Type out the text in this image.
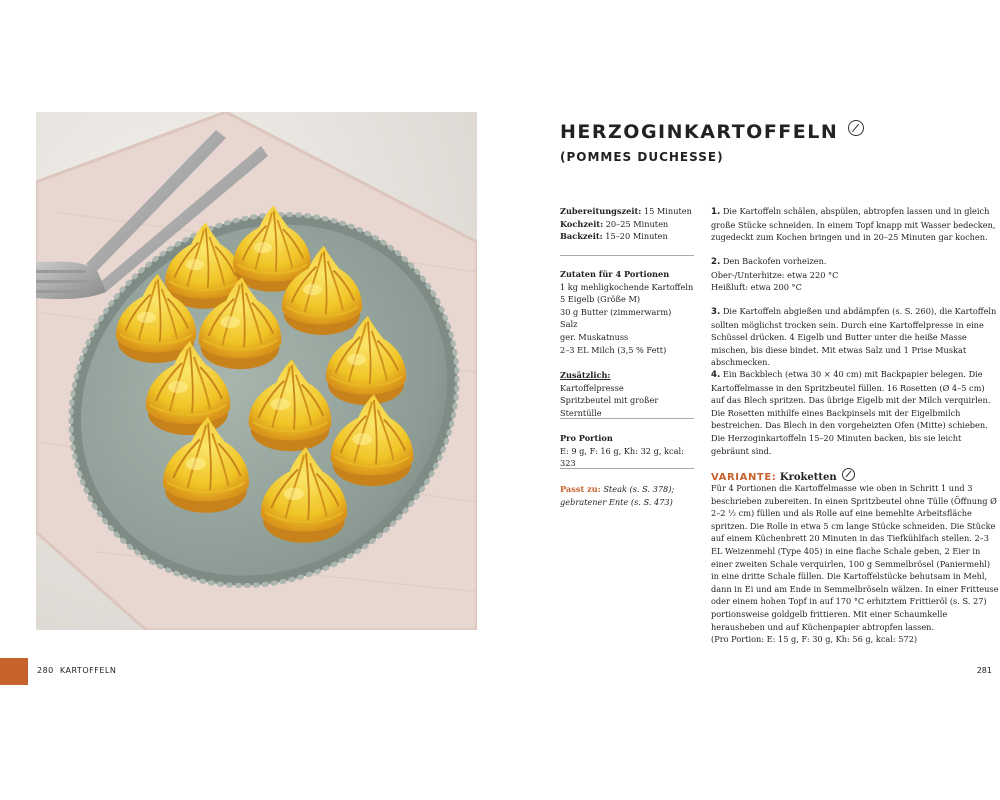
HERZOGINKARTOFFELN
(POMMES DUCHESSE)
Zubereitungszeit: 15 Minuten
Kochzeit: 20–25 Minuten
Backzeit: 15–20 Minuten
Zutaten für 4 Portionen
1 kg mehligkochende Kartoffeln
5 Eigelb (Größe M)
30 g Butter (zimmerwarm)
Salz
ger. Muskatnuss
2–3 EL Milch (3,5 % Fett)
Zusätzlich:
Kartoffelpresse
Spritzbeutel mit großer Sterntülle
Pro Portion
E: 9 g, F: 16 g, Kh: 32 g, kcal: 323
Passt zu: Steak (s. S. 378);
gebratener Ente (s. S. 473)

1. Die Kartoffeln schälen, abspülen, abtropfen lassen und in gleich große Stücke schneiden. In einem Topf knapp mit Wasser bedecken, zugedeckt zum Kochen bringen und in 20–25 Minuten gar kochen.

2. Den Backofen vorheizen.

Ober-/Unterhitze: etwa 220 °C

Heißluft: etwa 200 °C

3. Die Kartoffeln abgießen und abdämpfen (s. S. 260), die Kartoffeln sollten möglichst trocken sein. Durch eine Kartoffelpresse in eine Schüssel drücken. 4 Eigelb und Butter unter die heiße Masse mischen, bis diese bindet. Mit etwas Salz und 1 Prise Muskat abschmecken.

4. Ein Backblech (etwa 30 × 40 cm) mit Backpapier belegen. Die Kartoffelmasse in den Spritzbeutel füllen. 16 Rosetten (Ø 4–5 cm) auf das Blech spritzen. Das übrige Eigelb mit der Milch verquirlen. Die Rosetten mithilfe eines Backpinsels mit der Eigelbmilch bestreichen. Das Blech in den vorgeheizten Ofen (Mitte) schieben. Die Herzoginkartoffeln 15–20 Minuten backen, bis sie leicht gebräunt sind.

VARIANTE: Kroketten

Für 4 Portionen die Kartoffelmasse wie oben in Schritt 1 und 3 beschrieben zubereiten. In einen Spritzbeutel ohne Tülle (Öffnung Ø 2–2 ½ cm) füllen und als Rolle auf eine bemehlte Arbeitsfläche spritzen. Die Rolle in etwa 5 cm lange Stücke schneiden. Die Stücke auf einem Küchenbrett 20 Minuten in das Tiefkühlfach stellen. 2–3 EL Weizenmehl (Type 405) in eine flache Schale geben, 2 Eier in einer zweiten Schale verquirlen, 100 g Semmelbrösel (Paniermehl) in eine dritte Schale füllen. Die Kartoffelstücke behutsam in Mehl, dann in Ei und am Ende in Semmelbröseln wälzen. In einer Fritteuse oder einem hohen Topf in auf 170 °C erhitztem Frittieröl (s. S. 27) portionsweise goldgelb frittieren. Mit einer Schaumkelle herausheben und auf Küchenpapier abtropfen lassen.

(Pro Portion: E: 15 g, F: 30 g, Kh: 56 g, kcal: 572)

280 KARTOFFELN	281
